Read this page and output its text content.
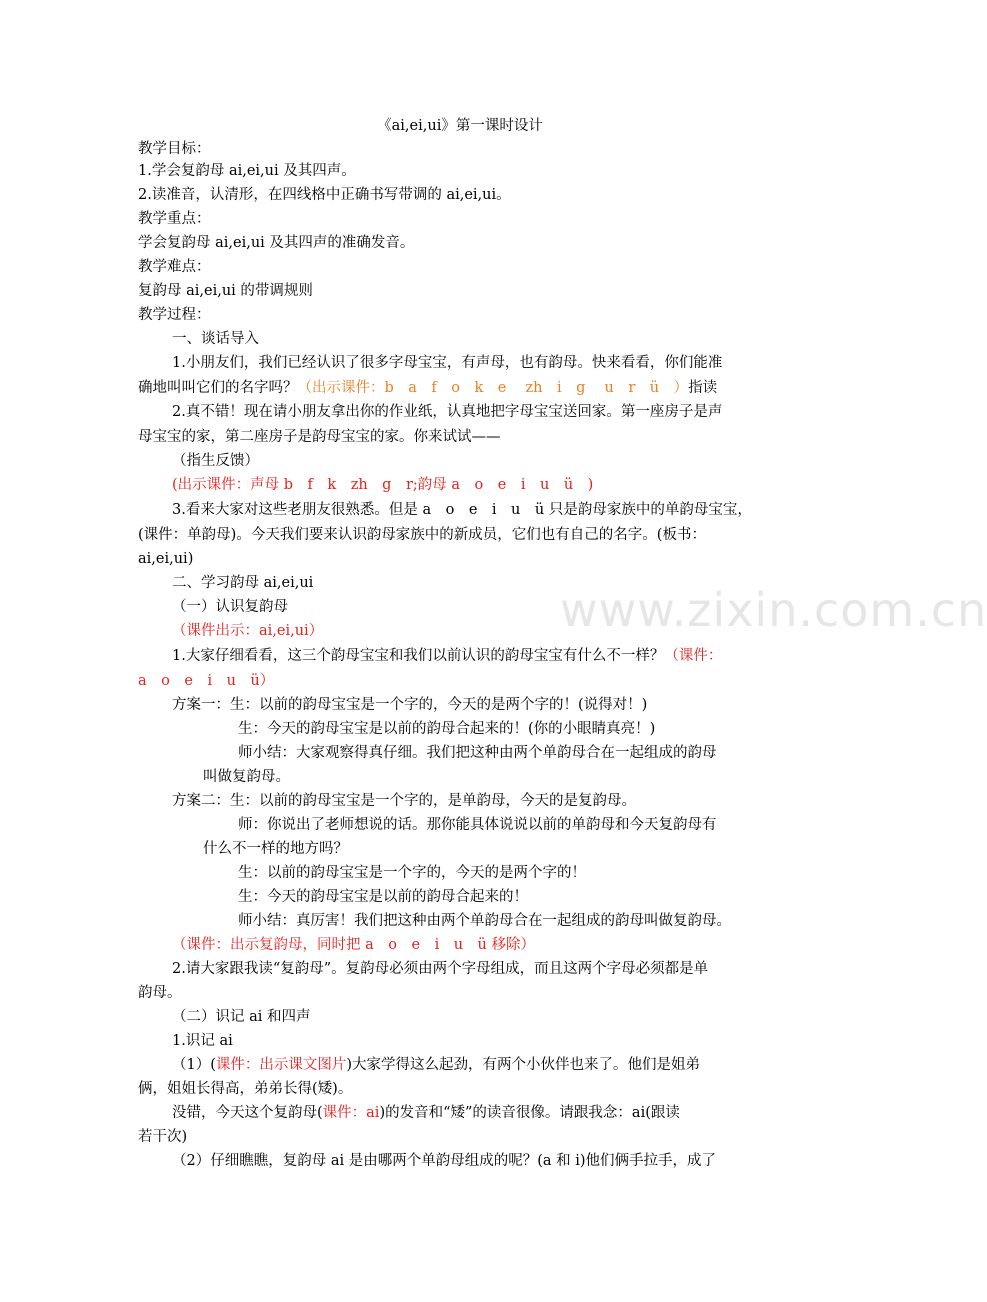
www.zixin.com.cn
《ai,ei,ui》第一课时设计
教学目标：
1.学会复韵母 ai,ei,ui 及其四声。
2.读准音，认清形，在四线格中正确书写带调的 ai,ei,ui。
教学重点：
学会复韵母 ai,ei,ui 及其四声的准确发音。
教学难点：
复韵母 ai,ei,ui 的带调规则
教学过程：
一、谈话导入
1.小朋友们，我们已经认识了很多字母宝宝，有声母，也有韵母。快来看看，你们能准
确地叫叫它们的名字吗？（出示课件：b　a　f　o　k　e　 zh　i　g　 u　r　ü　）指读
2.真不错！现在请小朋友拿出你的作业纸，认真地把字母宝宝送回家。第一座房子是声
母宝宝的家，第二座房子是韵母宝宝的家。你来试试——
（指生反馈）
(出示课件：声母 b　f　k　zh　g　r;韵母 a　o　e　i　u　ü　)
3.看来大家对这些老朋友很熟悉。但是 a　o　e　i　u　ü 只是韵母家族中的单韵母宝宝，
(课件：单韵母)。今天我们要来认识韵母家族中的新成员，它们也有自己的名字。(板书：
ai,ei,ui)
二、学习韵母 ai,ei,ui
（一）认识复韵母
（课件出示：ai,ei,ui）
1.大家仔细看看，这三个韵母宝宝和我们以前认识的韵母宝宝有什么不一样？（课件：
a　o　e　i　u　ü）
方案一：生：以前的韵母宝宝是一个字的，今天的是两个字的！(说得对！)
生：今天的韵母宝宝是以前的韵母合起来的！(你的小眼睛真亮！)
师小结：大家观察得真仔细。我们把这种由两个单韵母合在一起组成的韵母
叫做复韵母。
方案二：生：以前的韵母宝宝是一个字的，是单韵母，今天的是复韵母。
师：你说出了老师想说的话。那你能具体说说以前的单韵母和今天复韵母有
什么不一样的地方吗？
生：以前的韵母宝宝是一个字的，今天的是两个字的！
生：今天的韵母宝宝是以前的韵母合起来的！
师小结：真厉害！我们把这种由两个单韵母合在一起组成的韵母叫做复韵母。
（课件：出示复韵母，同时把 a　o　e　i　u　ü 移除）
2.请大家跟我读“复韵母”。复韵母必须由两个字母组成，而且这两个字母必须都是单
韵母。
（二）识记 ai 和四声
1.识记 ai
（1）(课件：出示课文图片)大家学得这么起劲，有两个小伙伴也来了。他们是姐弟
俩，姐姐长得高，弟弟长得(矮)。
没错，今天这个复韵母(课件：ai)的发音和“矮”的读音很像。请跟我念：ai(跟读
若干次)
（2）仔细瞧瞧，复韵母 ai 是由哪两个单韵母组成的呢？(a 和 i)他们俩手拉手，成了
